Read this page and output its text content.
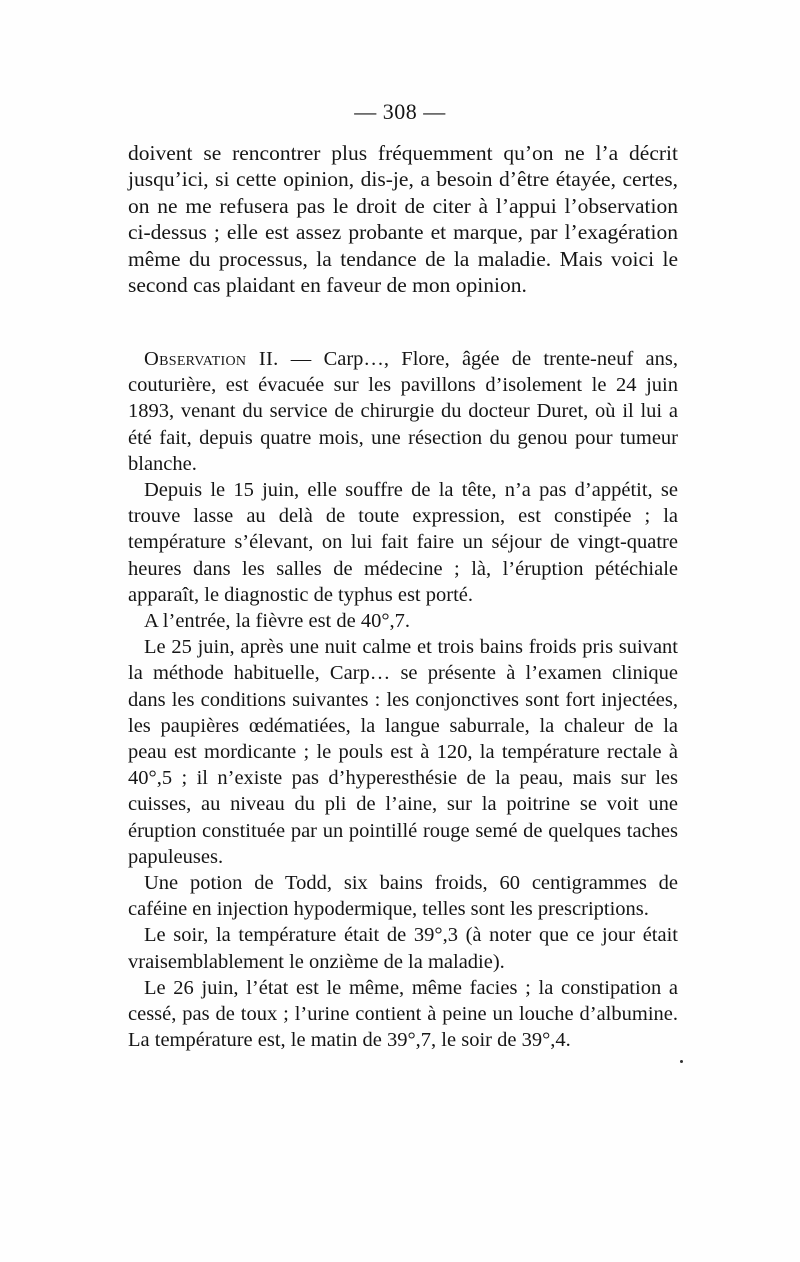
— 308 —

doivent se rencontrer plus fréquemment qu’on ne l’a décrit jusqu’ici, si cette opinion, dis-je, a besoin d’être étayée, certes, on ne me refusera pas le droit de citer à l’appui l’observation ci-dessus ; elle est assez probante et marque, par l’exagération même du processus, la tendance de la maladie. Mais voici le second cas plaidant en faveur de mon opinion.

Observation II. — Carp…, Flore, âgée de trente-neuf ans, couturière, est évacuée sur les pavillons d’isolement le 24 juin 1893, venant du service de chirurgie du docteur Duret, où il lui a été fait, depuis quatre mois, une résection du genou pour tumeur blanche.

Depuis le 15 juin, elle souffre de la tête, n’a pas d’appétit, se trouve lasse au delà de toute expression, est constipée ; la température s’élevant, on lui fait faire un séjour de vingt-quatre heures dans les salles de médecine ; là, l’éruption pétéchiale apparaît, le diagnostic de typhus est porté.

A l’entrée, la fièvre est de 40°,7.

Le 25 juin, après une nuit calme et trois bains froids pris suivant la méthode habituelle, Carp… se présente à l’examen clinique dans les conditions suivantes : les conjonctives sont fort injectées, les paupières œdématiées, la langue saburrale, la chaleur de la peau est mordicante ; le pouls est à 120, la température rectale à 40°,5 ; il n’existe pas d’hyperesthésie de la peau, mais sur les cuisses, au niveau du pli de l’aine, sur la poitrine se voit une éruption constituée par un pointillé rouge semé de quelques taches papuleuses.

Une potion de Todd, six bains froids, 60 centigrammes de caféine en injection hypodermique, telles sont les prescriptions.

Le soir, la température était de 39°,3 (à noter que ce jour était vraisemblablement le onzième de la maladie).

Le 26 juin, l’état est le même, même facies ; la constipation a cessé, pas de toux ; l’urine contient à peine un louche d’albumine. La température est, le matin de 39°,7, le soir de 39°,4.
